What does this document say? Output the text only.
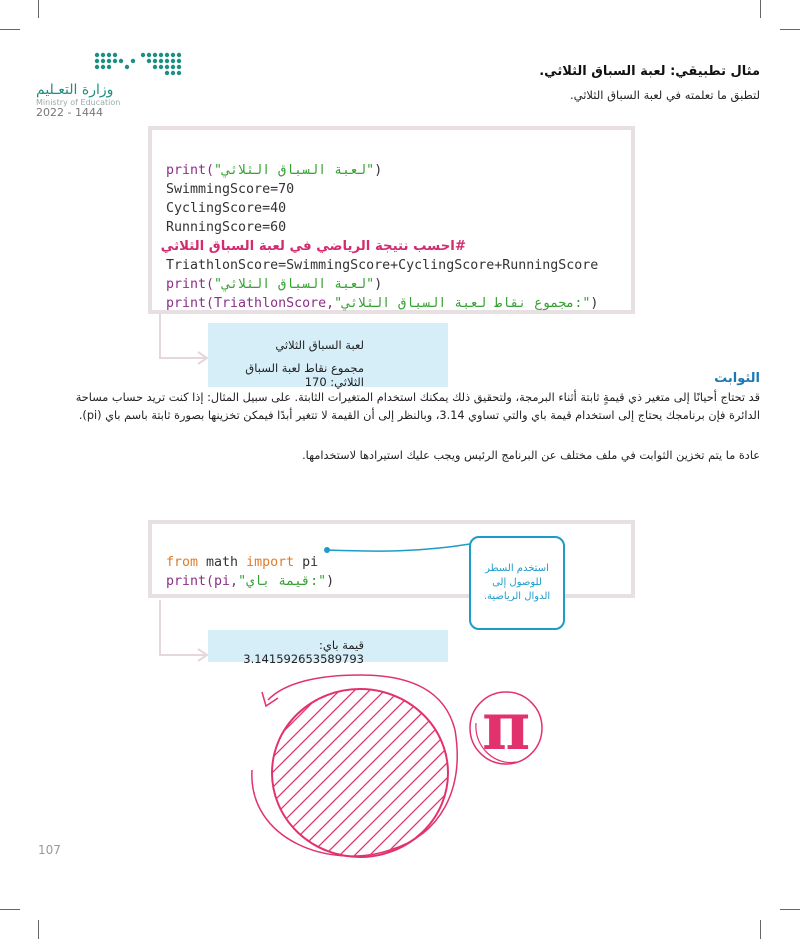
وزارة التعـليم
Ministry of Education
2022 - 1444
مثال تطبيقي: لعبة السباق الثلاثي.
لتطبق ما تعلمته في لعبة السباق الثلاثي.

print("لعبة السباق الثلاثي")
SwimmingScore=70
CyclingScore=40
RunningScore=60
#احسب نتيجة الرياضي في لعبة السباق الثلاثي
TriathlonScore=SwimmingScore+CyclingScore+RunningScore
print("لعبة السباق الثلاثي")
print(TriathlonScore,"مجموع نقاط لعبة السباق الثلاثي:")

لعبة السباق الثلاثي
مجموع نقاط لعبة السباق الثلاثي: 170	الثوابت
قد تحتاج أحيانًا إلى متغير ذي قيمةٍ ثابتة أثناء البرمجة، ولتحقيق ذلك يمكنك استخدام المتغيرات الثابتة. على سبيل المثال: إذا كنت تريد حساب مساحة الدائرة فإن برنامجك يحتاج إلى استخدام قيمة باي والتي تساوي 3.14، وبالنظر إلى أن القيمة لا تتغير أبدًا فيمكن تخزينها بصورة ثابتة باسم باي (pi).
عادة ما يتم تخزين الثوابت في ملف مختلف عن البرنامج الرئيس ويجب عليك استيرادها لاستخدامها.

from math import pi
print(pi,"قيمة باي:")

استخدم السطر للوصول إلى الدوال الرياضية.
قيمة باي: 3.141592653589793
π
107
